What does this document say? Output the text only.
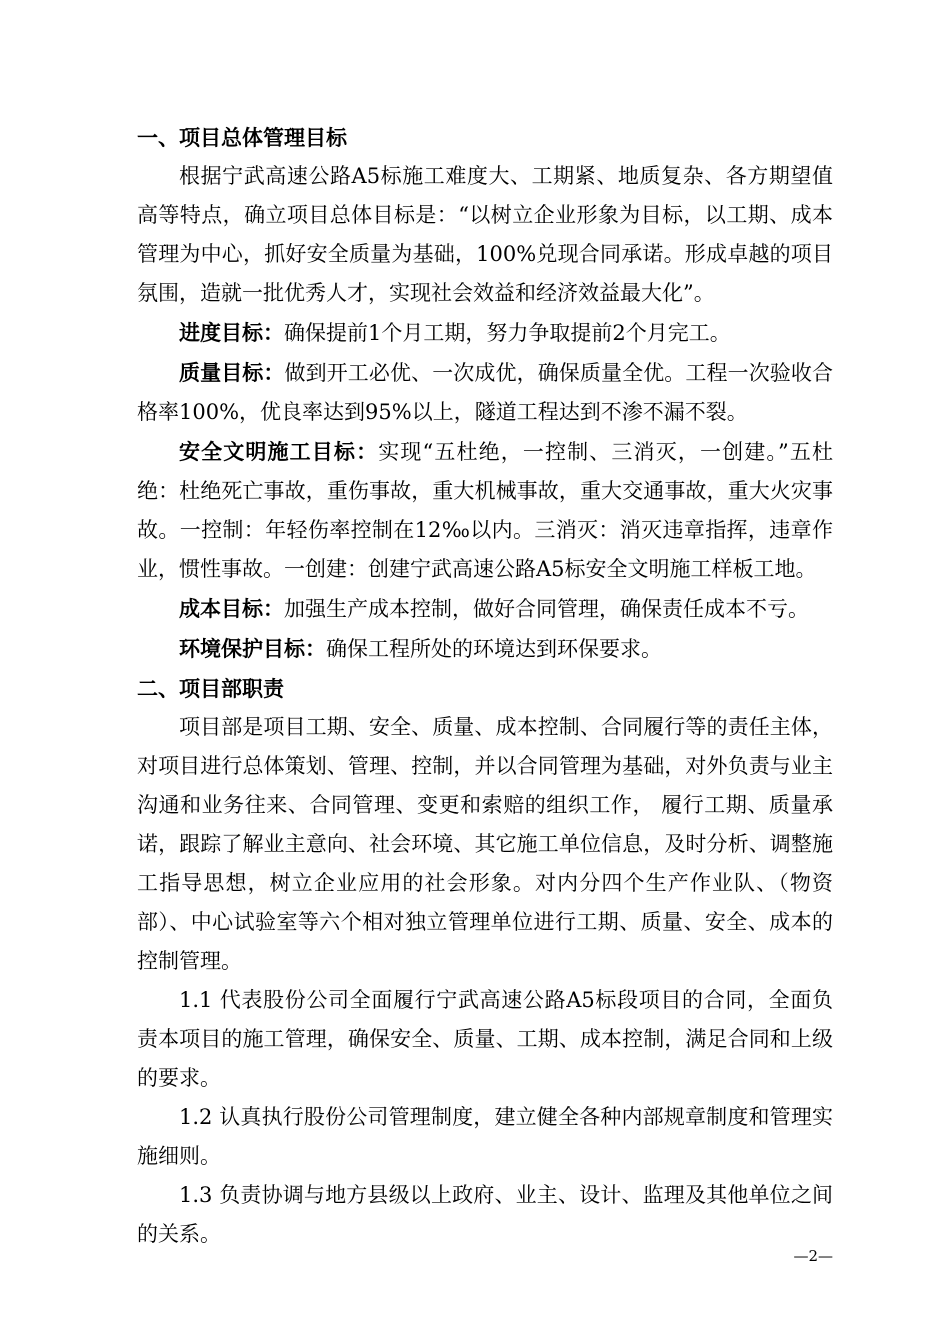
一、项目总体管理目标

根据宁武高速公路A5标施工难度大、工期紧、地质复杂、各方期望值高等特点，确立项目总体目标是：“以树立企业形象为目标，以工期、成本管理为中心，抓好安全质量为基础，100%兑现合同承诺。形成卓越的项目氛围，造就一批优秀人才，实现社会效益和经济效益最大化”。

进度目标：确保提前1个月工期，努力争取提前2个月完工。

质量目标：做到开工必优、一次成优，确保质量全优。工程一次验收合格率100%，优良率达到95%以上，隧道工程达到不渗不漏不裂。

安全文明施工目标：实现“五杜绝，一控制、三消灭，一创建。”五杜绝：杜绝死亡事故，重伤事故，重大机械事故，重大交通事故，重大火灾事故。一控制：年轻伤率控制在12‰以内。三消灭：消灭违章指挥，违章作业，惯性事故。一创建：创建宁武高速公路A5标安全文明施工样板工地。

成本目标：加强生产成本控制，做好合同管理，确保责任成本不亏。

环境保护目标：确保工程所处的环境达到环保要求。

二、项目部职责

项目部是项目工期、安全、质量、成本控制、合同履行等的责任主体，对项目进行总体策划、管理、控制，并以合同管理为基础，对外负责与业主沟通和业务往来、合同管理、变更和索赔的组织工作， 履行工期、质量承诺，跟踪了解业主意向、社会环境、其它施工单位信息，及时分析、调整施工指导思想，树立企业应用的社会形象。对内分四个生产作业队、（物资部）、中心试验室等六个相对独立管理单位进行工期、质量、安全、成本的控制管理。

1.1 代表股份公司全面履行宁武高速公路A5标段项目的合同，全面负责本项目的施工管理，确保安全、质量、工期、成本控制，满足合同和上级的要求。

1.2 认真执行股份公司管理制度，建立健全各种内部规章制度和管理实施细则。

1.3 负责协调与地方县级以上政府、业主、设计、监理及其他单位之间的关系。

—2—
